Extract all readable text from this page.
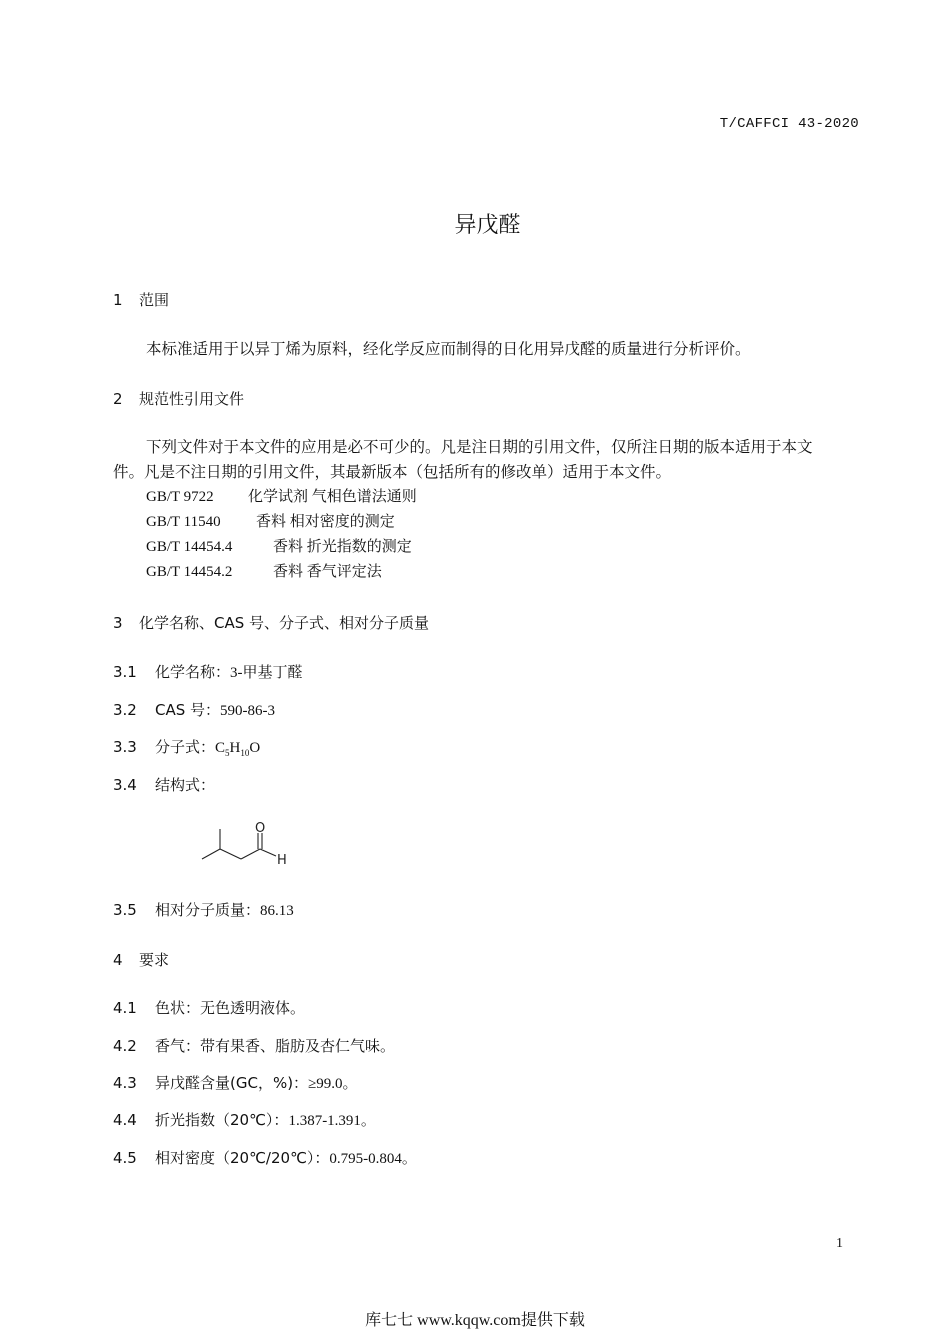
T/CAFFCI 43-2020
异戊醛
1 范围
本标准适用于以异丁烯为原料，经化学反应而制得的日化用异戊醛的质量进行分析评价。
2 规范性引用文件
下列文件对于本文件的应用是必不可少的。凡是注日期的引用文件，仅所注日期的版本适用于本文
件。凡是不注日期的引用文件，其最新版本（包括所有的修改单）适用于本文件。
GB/T 9722 化学试剂 气相色谱法通则
GB/T 11540 香料 相对密度的测定
GB/T 14454.4	香料 折光指数的测定
GB/T 14454.2	香料 香气评定法
3 化学名称、CAS 号、分子式、相对分子质量
3.1 化学名称：3-甲基丁醛
3.2 CAS 号：590-86-3
3.3 分子式：$C_5H_{10}O$
3.4 结构式：
O
H
3.5 相对分子质量：86.13
4 要求
4.1 色状：无色透明液体。
4.2 香气：带有果香、脂肪及杏仁气味。
4.3 异戊醛含量(GC，%)：≥99.0。
4.4 折光指数（20℃）：1.387-1.391。
4.5 相对密度（20℃/20℃）：0.795-0.804。
1
库七七 www.kqqw.com提供下载
